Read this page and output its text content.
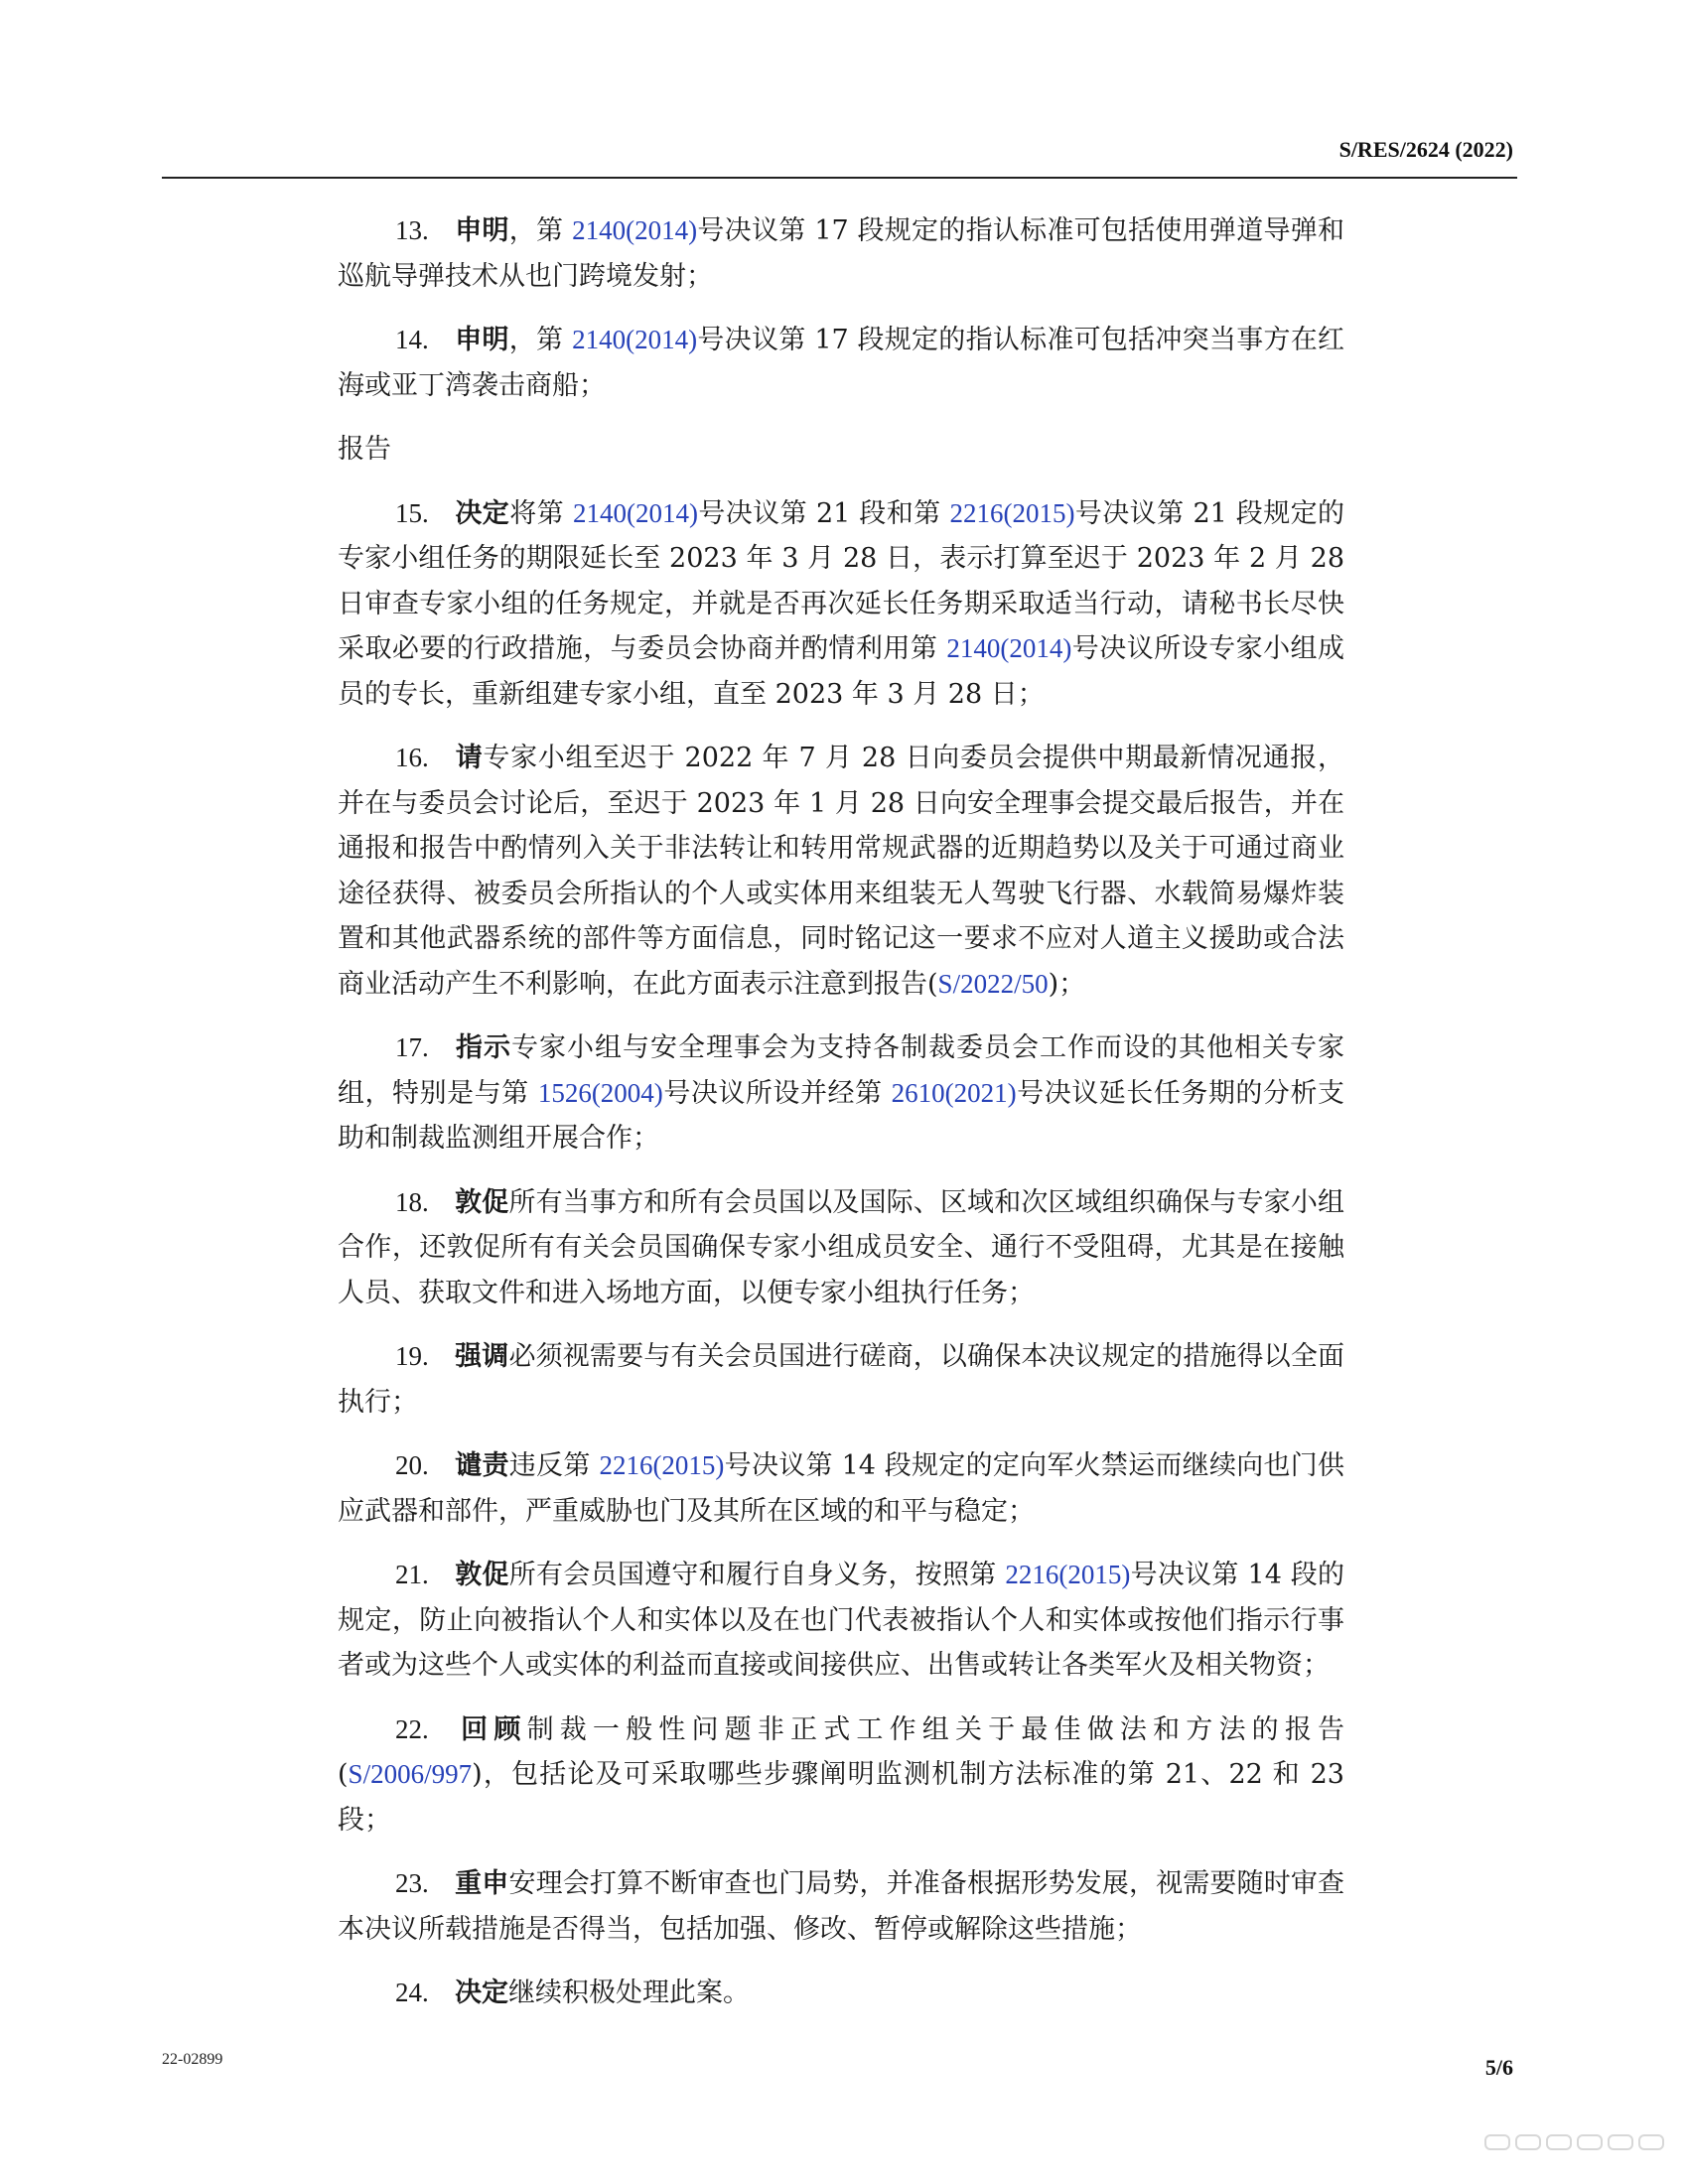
S/RES/2624 (2022)

13. 申明，第 2140(2014)号决议第 17 段规定的指认标准可包括使用弹道导弹和巡航导弹技术从也门跨境发射；

14. 申明，第 2140(2014)号决议第 17 段规定的指认标准可包括冲突当事方在红海或亚丁湾袭击商船；

报告

15. 决定将第 2140(2014)号决议第 21 段和第 2216(2015)号决议第 21 段规定的专家小组任务的期限延长至 2023 年 3 月 28 日，表示打算至迟于 2023 年 2 月 28 日审查专家小组的任务规定，并就是否再次延长任务期采取适当行动，请秘书长尽快采取必要的行政措施，与委员会协商并酌情利用第 2140(2014)号决议所设专家小组成员的专长，重新组建专家小组，直至 2023 年 3 月 28 日；

16. 请专家小组至迟于 2022 年 7 月 28 日向委员会提供中期最新情况通报，并在与委员会讨论后，至迟于 2023 年 1 月 28 日向安全理事会提交最后报告，并在通报和报告中酌情列入关于非法转让和转用常规武器的近期趋势以及关于可通过商业途径获得、被委员会所指认的个人或实体用来组装无人驾驶飞行器、水载简易爆炸装置和其他武器系统的部件等方面信息，同时铭记这一要求不应对人道主义援助或合法商业活动产生不利影响，在此方面表示注意到报告(S/2022/50)；

17. 指示专家小组与安全理事会为支持各制裁委员会工作而设的其他相关专家组，特别是与第 1526(2004)号决议所设并经第 2610(2021)号决议延长任务期的分析支助和制裁监测组开展合作；

18. 敦促所有当事方和所有会员国以及国际、区域和次区域组织确保与专家小组合作，还敦促所有有关会员国确保专家小组成员安全、通行不受阻碍，尤其是在接触人员、获取文件和进入场地方面，以便专家小组执行任务；

19. 强调必须视需要与有关会员国进行磋商，以确保本决议规定的措施得以全面执行；

20. 谴责违反第 2216(2015)号决议第 14 段规定的定向军火禁运而继续向也门供应武器和部件，严重威胁也门及其所在区域的和平与稳定；

21. 敦促所有会员国遵守和履行自身义务，按照第 2216(2015)号决议第 14 段的规定，防止向被指认个人和实体以及在也门代表被指认个人和实体或按他们指示行事者或为这些个人或实体的利益而直接或间接供应、出售或转让各类军火及相关物资；

22. 回顾制裁一般性问题非正式工作组关于最佳做法和方法的报告(S/2006/997)，包括论及可采取哪些步骤阐明监测机制方法标准的第 21、22 和 23 段；

23. 重申安理会打算不断审查也门局势，并准备根据形势发展，视需要随时审查本决议所载措施是否得当，包括加强、修改、暂停或解除这些措施；

24. 决定继续积极处理此案。

22-02899	5/6
